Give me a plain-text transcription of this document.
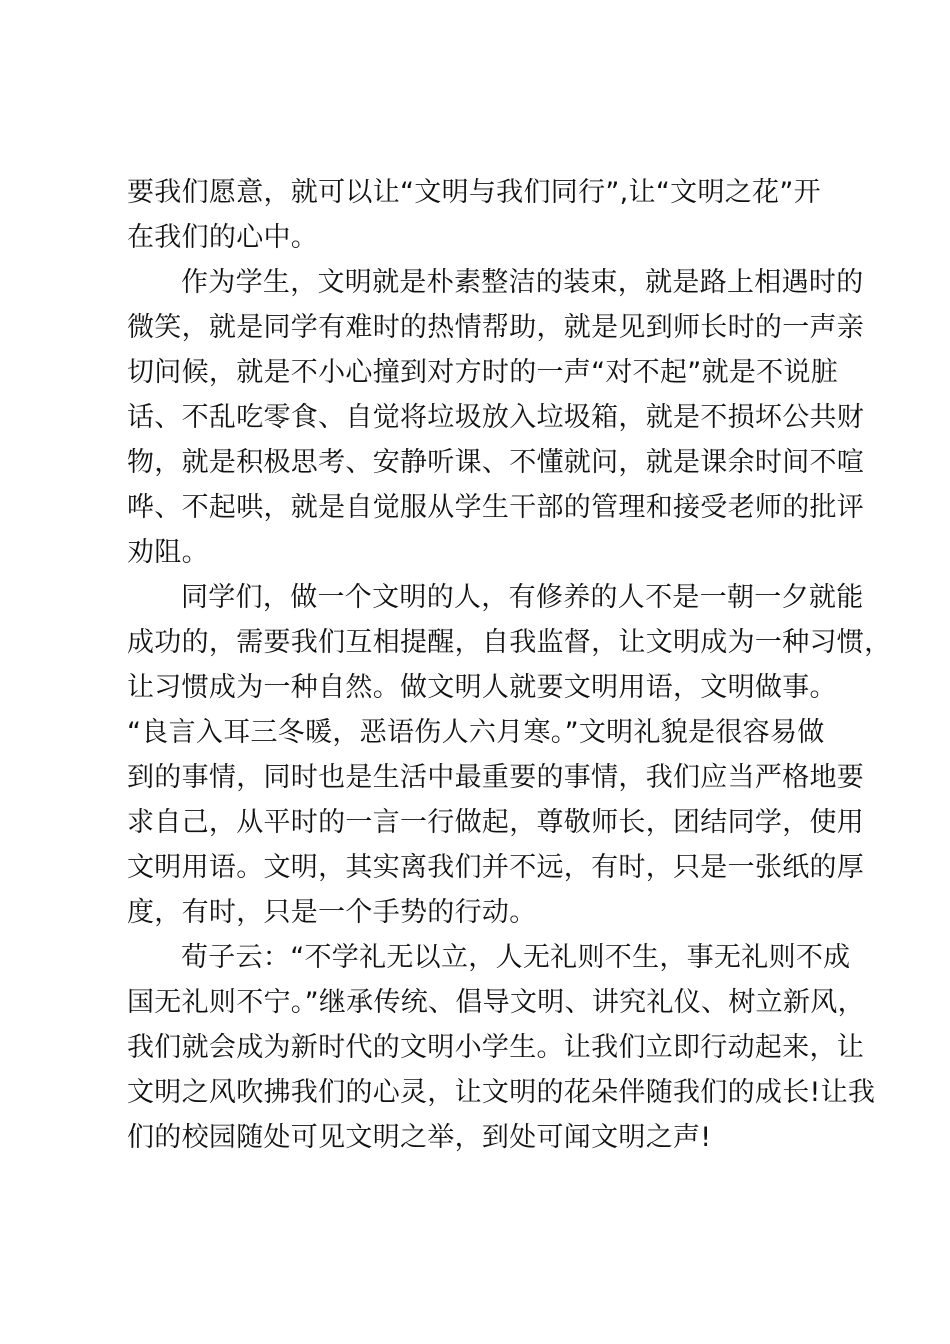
要我们愿意，就可以让“文明与我们同行”,让“文明之花”开
在我们的心中。

作为学生，文明就是朴素整洁的装束，就是路上相遇时的
微笑，就是同学有难时的热情帮助，就是见到师长时的一声亲
切问候，就是不小心撞到对方时的一声“对不起”就是不说脏
话、不乱吃零食、自觉将垃圾放入垃圾箱，就是不损坏公共财
物，就是积极思考、安静听课、不懂就问，就是课余时间不喧
哗、不起哄，就是自觉服从学生干部的管理和接受老师的批评
劝阻。

同学们，做一个文明的人，有修养的人不是一朝一夕就能
成功的，需要我们互相提醒，自我监督，让文明成为一种习惯，
让习惯成为一种自然。做文明人就要文明用语，文明做事。
“良言入耳三冬暖，恶语伤人六月寒。”文明礼貌是很容易做
到的事情，同时也是生活中最重要的事情，我们应当严格地要
求自己，从平时的一言一行做起，尊敬师长，团结同学，使用
文明用语。文明，其实离我们并不远，有时，只是一张纸的厚
度，有时，只是一个手势的行动。

荀子云：“不学礼无以立，人无礼则不生，事无礼则不成
国无礼则不宁。”继承传统、倡导文明、讲究礼仪、树立新风，
我们就会成为新时代的文明小学生。让我们立即行动起来，让
文明之风吹拂我们的心灵，让文明的花朵伴随我们的成长!让我
们的校园随处可见文明之举，到处可闻文明之声!
